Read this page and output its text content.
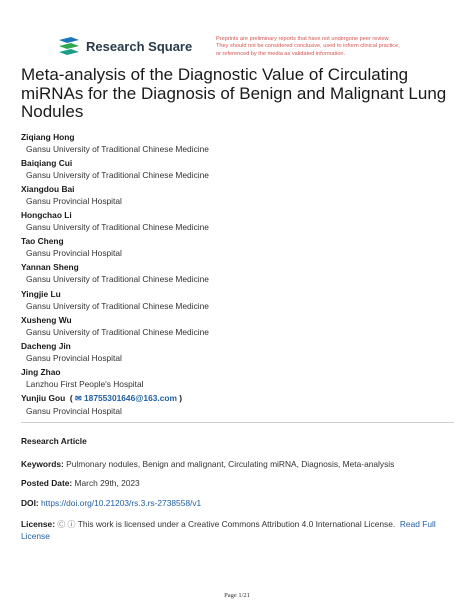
Research Square	Preprints are preliminary reports that have not undergone peer review.
They should not be considered conclusive, used to inform clinical practice,
or referenced by the media as validated information.
Meta-analysis of the Diagnostic Value of Circulating miRNAs for the Diagnosis of Benign and Malignant Lung Nodules
Ziqiang Hong
Gansu University of Traditional Chinese Medicine
Baiqiang Cui
Gansu University of Traditional Chinese Medicine
Xiangdou Bai
Gansu Provincial Hospital
Hongchao Li
Gansu University of Traditional Chinese Medicine
Tao Cheng
Gansu Provincial Hospital
Yannan Sheng
Gansu University of Traditional Chinese Medicine
Yingjie Lu
Gansu University of Traditional Chinese Medicine
Xusheng Wu
Gansu University of Traditional Chinese Medicine
Dacheng Jin
Gansu Provincial Hospital
Jing Zhao
Lanzhou First People's Hospital
Yunjiu Gou  ( ✉ 18755301646@163.com )
Gansu Provincial Hospital
Research Article
Keywords: Pulmonary nodules, Benign and malignant, Circulating miRNA, Diagnosis, Meta-analysis
Posted Date: March 29th, 2023
DOI: https://doi.org/10.21203/rs.3.rs-2738558/v1
License: Ⓒ ⓘ This work is licensed under a Creative Commons Attribution 4.0 International License. Read Full
License
Page 1/21
